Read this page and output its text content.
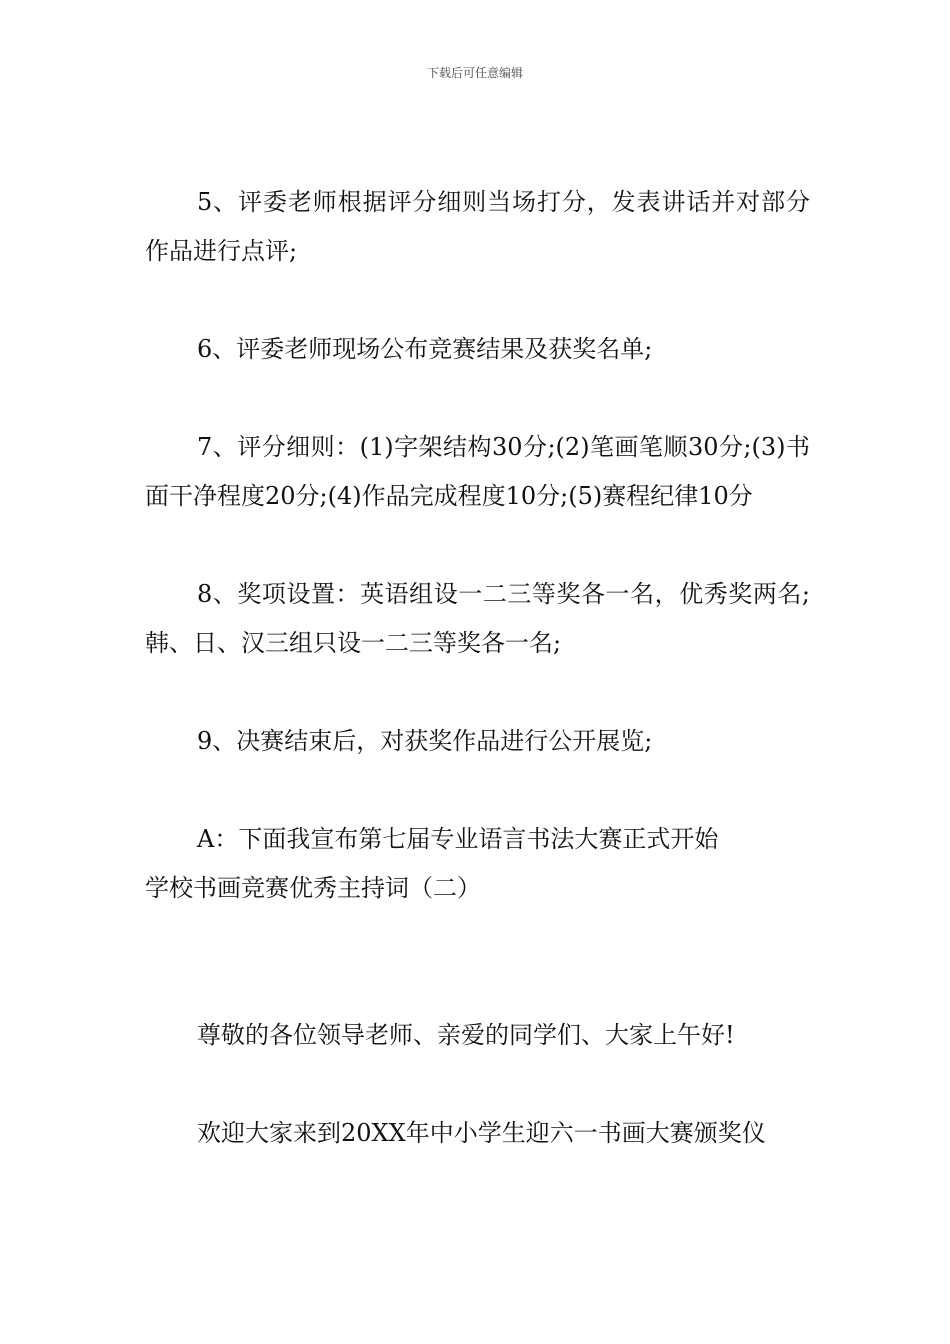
下载后可任意编辑

5、评委老师根据评分细则当场打分，发表讲话并对部分作品进行点评;

6、评委老师现场公布竞赛结果及获奖名单;

7、评分细则：(1)字架结构30分;(2)笔画笔顺30分;(3)书面干净程度20分;(4)作品完成程度10分;(5)赛程纪律10分

8、奖项设置：英语组设一二三等奖各一名，优秀奖两名;韩、日、汉三组只设一二三等奖各一名;

9、决赛结束后，对获奖作品进行公开展览;

A：下面我宣布第七届专业语言书法大赛正式开始

学校书画竞赛优秀主持词（二）

尊敬的各位领导老师、亲爱的同学们、大家上午好!

欢迎大家来到20XX年中小学生迎六一书画大赛颁奖仪
